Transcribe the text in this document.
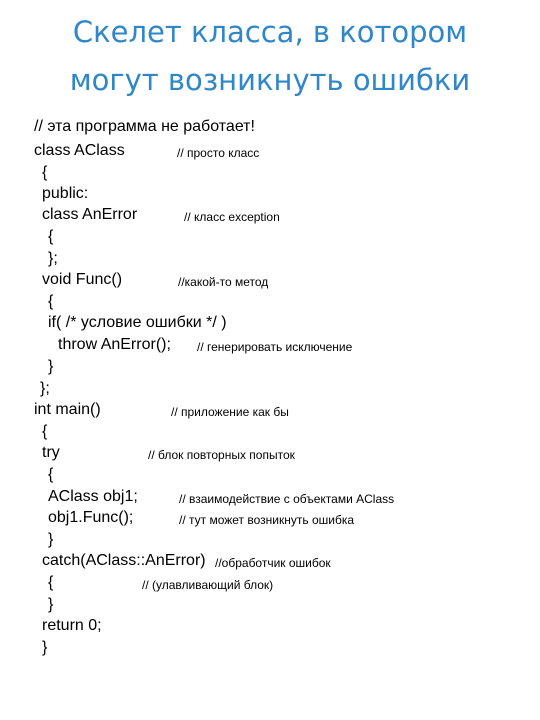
Скелет класса, в котором
могут возникнуть ошибки
// эта программа не работает!
class AClass
{
public:
class AnError
{
};
void Func()
{
if( /* условие ошибки */ )
throw AnError();
}
};
int main()
{
try
{
AClass obj1;
obj1.Func();
}
catch(AClass::AnError)
{
}
return 0;
}
// просто класс
// класс exception
//какой-то метод
// генерировать исключение
// приложение как бы
// блок повторных попыток
// взаимодействие с объектами AClass
// тут может возникнуть ошибка
//обработчик ошибок
// (улавливающий блок)
